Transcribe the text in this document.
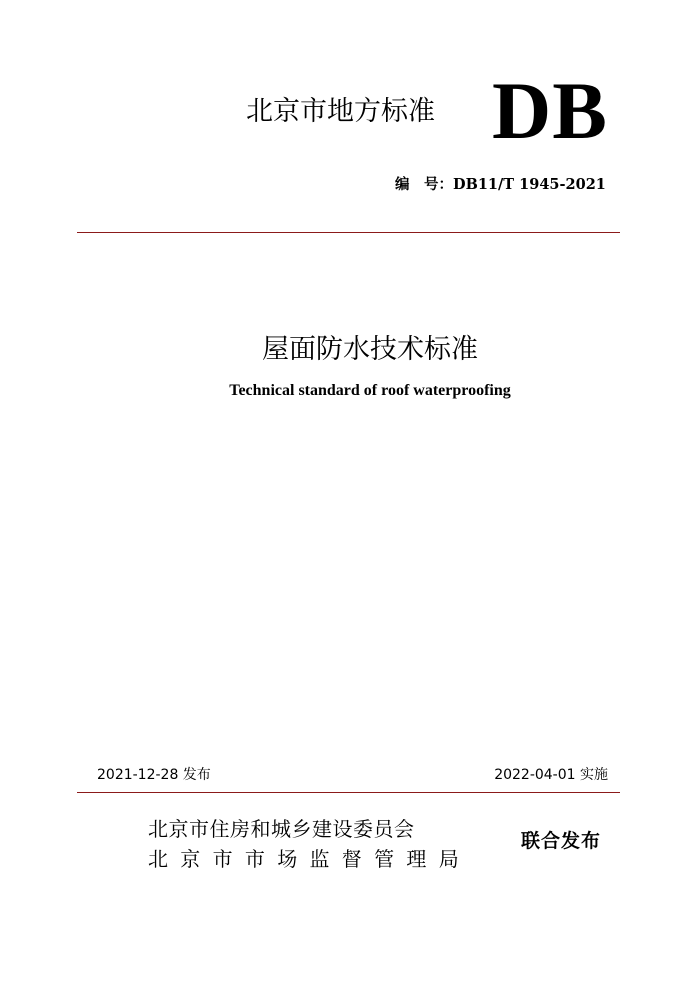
北京市地方标准 DB
编　号：DB11/T 1945-2021
屋面防水技术标准
Technical standard of roof waterproofing
2021-12-28 发布	2022-04-01 实施
北京市住房和城乡建设委员会
北京市市场监督管理局
联合发布
